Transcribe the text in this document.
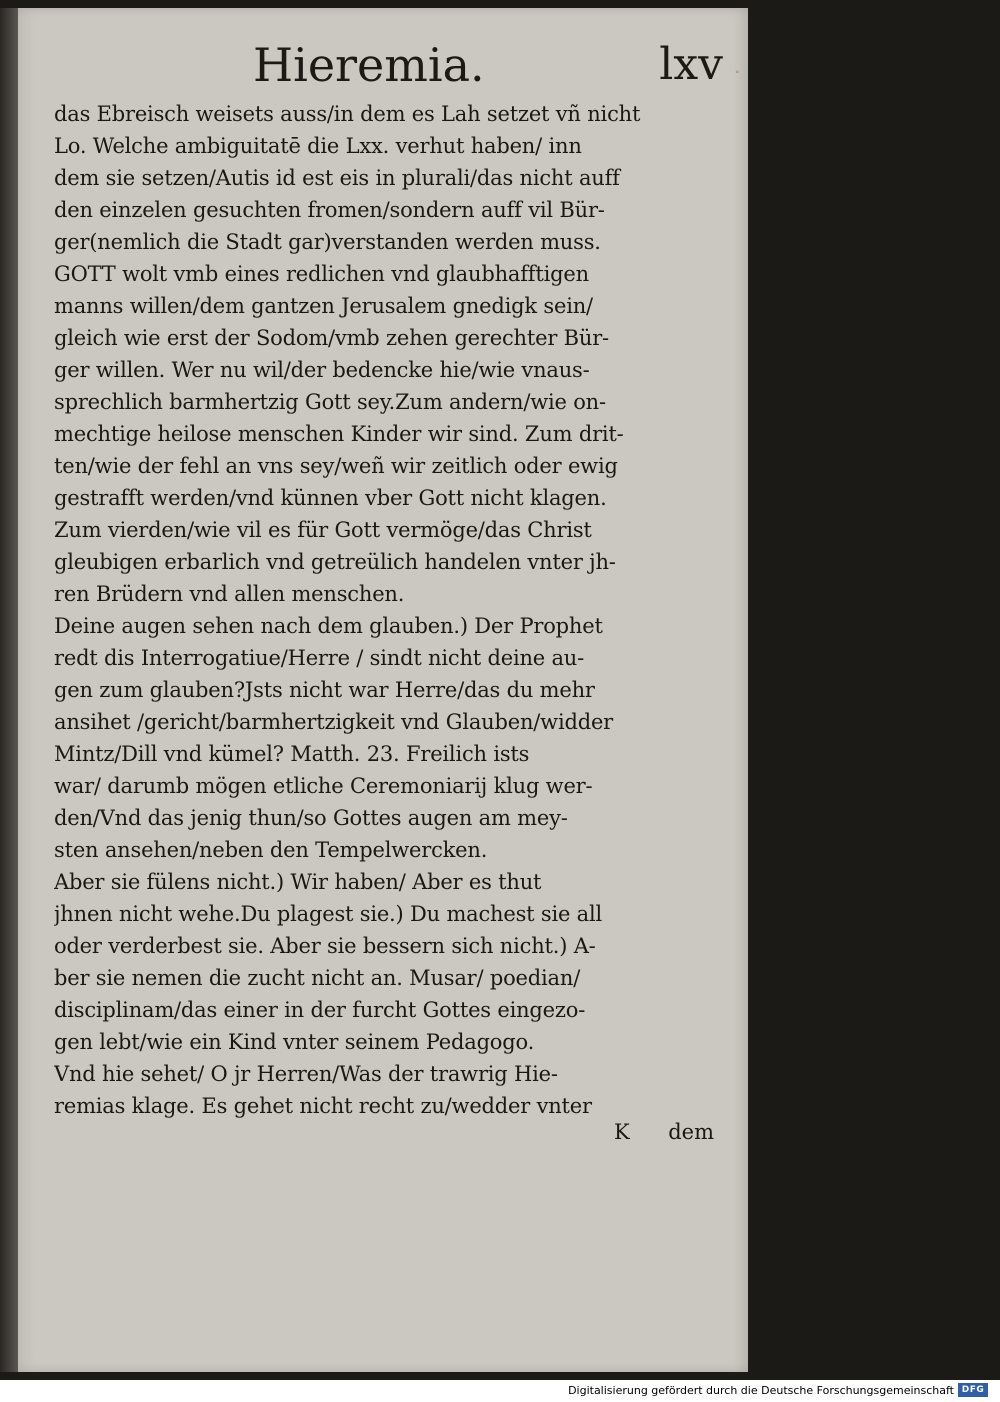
Hieremia.	lxv
das Ebreisch weisets auss/in dem es Lah setzet vñ nicht
Lo. Welche ambiguitatē die Lxx. verhut haben/ inn
dem sie setzen/Autis id est eis in plurali/das nicht auff
den einzelen gesuchten fromen/sondern auff vil Bür-
ger(nemlich die Stadt gar)verstanden werden muss.
GOTT wolt vmb eines redlichen vnd glaubhafftigen
manns willen/dem gantzen Jerusalem gnedigk sein/
gleich wie erst der Sodom/vmb zehen gerechter Bür-
ger willen. Wer nu wil/der bedencke hie/wie vnaus-
sprechlich barmhertzig Gott sey.Zum andern/wie on-
mechtige heilose menschen Kinder wir sind. Zum drit-
ten/wie der fehl an vns sey/weñ wir zeitlich oder ewig
gestrafft werden/vnd künnen vber Gott nicht klagen.
Zum vierden/wie vil es für Gott vermöge/das Christ
gleubigen erbarlich vnd getreülich handelen vnter jh-
ren Brüdern vnd allen menschen.
Deine augen sehen nach dem glauben.) Der Prophet
redt dis Interrogatiue/Herre / sindt nicht deine au-
gen zum glauben?Jsts nicht war Herre/das du mehr
ansihet /gericht/barmhertzigkeit vnd Glauben/widder
Mintz/Dill vnd kümel? Matth. 23. Freilich ists
war/ darumb mögen etliche Ceremoniarij klug wer-
den/Vnd das jenig thun/so Gottes augen am mey-
sten ansehen/neben den Tempelwercken.
Aber sie fülens nicht.) Wir haben/ Aber es thut
jhnen nicht wehe.Du plagest sie.) Du machest sie all
oder verderbest sie. Aber sie bessern sich nicht.) A-
ber sie nemen die zucht nicht an. Musar/ poedian/
disciplinam/das einer in der furcht Gottes eingezo-
gen lebt/wie ein Kind vnter seinem Pedagogo.
Vnd hie sehet/ O jr Herren/Was der trawrig Hie-
remias klage. Es gehet nicht recht zu/wedder vnter
K dem
°
Digitalisierung gefördert durch die Deutsche Forschungsgemeinschaft DFG
